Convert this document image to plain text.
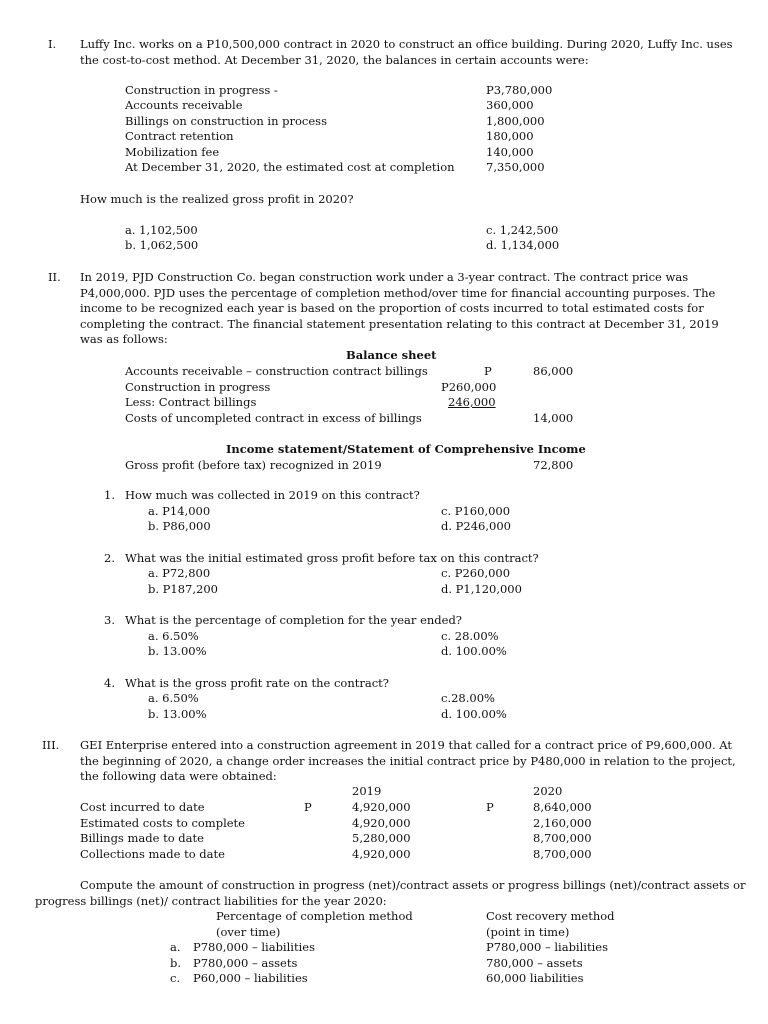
I. Luffy Inc. works on a P10,500,000 contract in 2020 to construct an office building. During 2020, Luffy Inc. uses the cost-to-cost method. At December 31, 2020, the balances in certain accounts were:
Construction in progress -	P3,780,000
Accounts receivable	360,000
Billings on construction in process	1,800,000
Contract retention	180,000
Mobilization fee	140,000
At December 31, 2020, the estimated cost at completion	7,350,000
How much is the realized gross profit in 2020?
a. 1,102,500
b. 1,062,500
c. 1,242,500
d. 1,134,000
II. In 2019, PJD Construction Co. began construction work under a 3-year contract. The contract price was P4,000,000. PJD uses the percentage of completion method/over time for financial accounting purposes. The income to be recognized each year is based on the proportion of costs incurred to total estimated costs for completing the contract. The financial statement presentation relating to this contract at December 31, 2019 was as follows:
Balance sheet
Accounts receivable – construction contract billings	P	86,000
Construction in progress	P260,000
Less: Contract billings	246,000
Costs of uncompleted contract in excess of billings	14,000
Income statement/Statement of Comprehensive Income
Gross profit (before tax) recognized in 2019	72,800
1. How much was collected in 2019 on this contract?
a. P14,000
b. P86,000
c. P160,000
d. P246,000
2. What was the initial estimated gross profit before tax on this contract?
a. P72,800
b. P187,200
c. P260,000
d. P1,120,000
3. What is the percentage of completion for the year ended?
a. 6.50%
b. 13.00%
c. 28.00%
d. 100.00%
4. What is the gross profit rate on the contract?
a. 6.50%
b. 13.00%
c.28.00%
d. 100.00%
III. GEI Enterprise entered into a construction agreement in 2019 that called for a contract price of P9,600,000. At the beginning of 2020, a change order increases the initial contract price by P480,000 in relation to the project, the following data were obtained:
2019	2020
Cost incurred to date	P	4,920,000	P	8,640,000
Estimated costs to complete	4,920,000	2,160,000
Billings made to date	5,280,000	8,700,000
Collections made to date	4,920,000	8,700,000
Compute the amount of construction in progress (net)/contract assets or progress billings (net)/contract assets or
progress billings (net)/ contract liabilities for the year 2020:
Percentage of completion method
(over time)
Cost recovery method
(point in time)
a. P780,000 – liabilities	P780,000 – liabilities
b. P780,000 – assets	780,000 – assets
c. P60,000 – liabilities	60,000 liabilities
